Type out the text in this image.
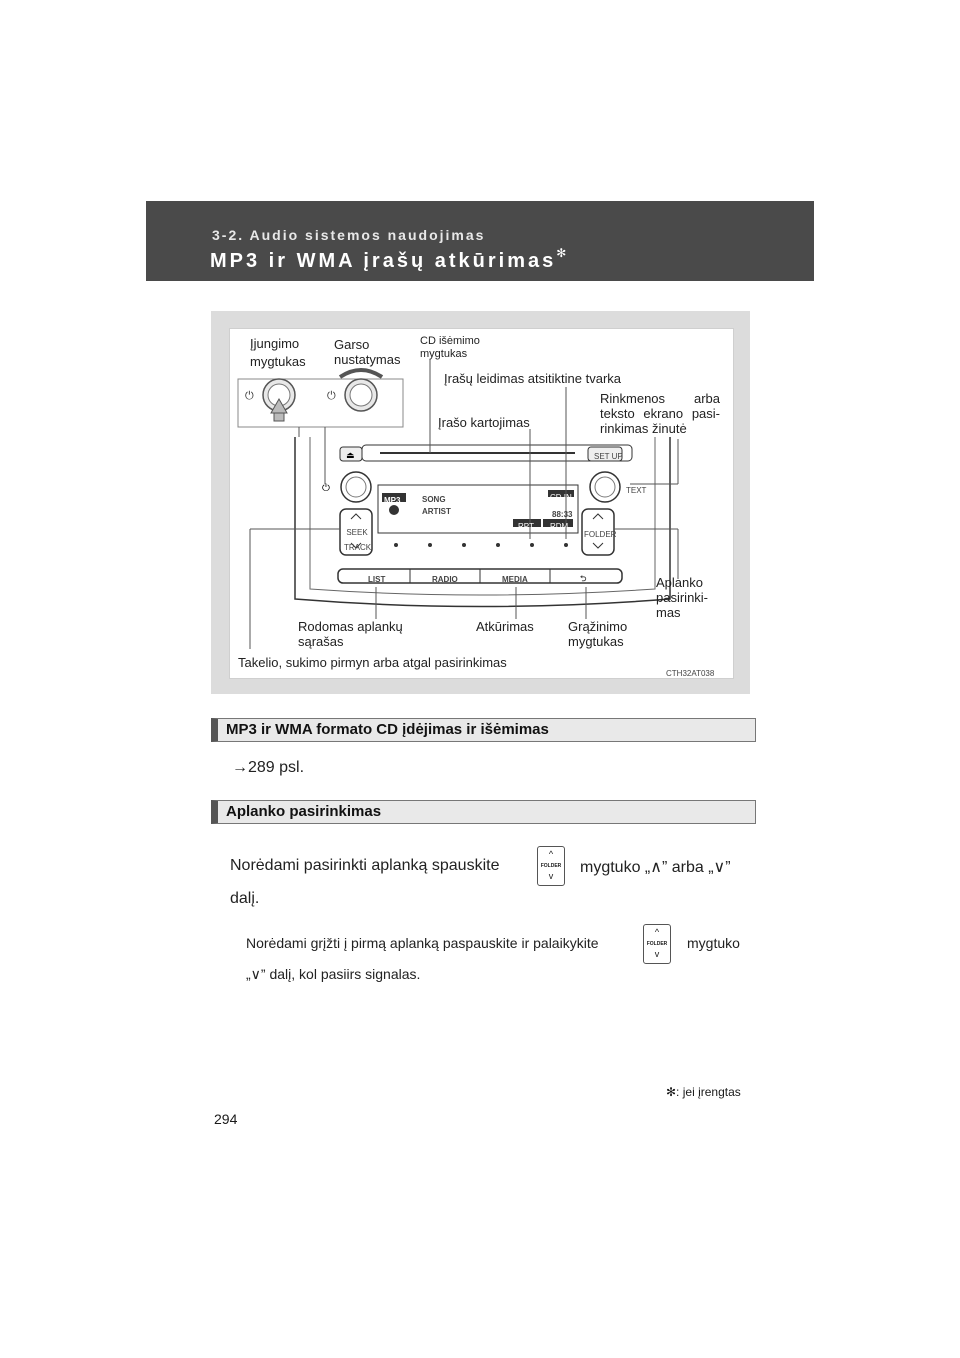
3-2. Audio sistemos naudojimas
MP3 ir WMA įrašų atkūrimas✻
⏻	⏻
⏏
⏻
SET UP
TEXT
SEEK TRACK
FOLDER
CD IN
MP3	SONG
ARTIST	88:33
RPT RDM
LIST	RADIO	MEDIA	⮌
Įjungimo mygtukas
Garso nustatymas
CD išėmimo mygtukas
Įrašų leidimas atsitiktine tvarka
Rinkmenos arba teksto ekrano pasi-rinkimas žinutė
Įrašo kartojimas
Aplanko pasirinki-mas
Rodomas aplankų sąrašas
Atkūrimas	Grąžinimo mygtukas
Takelio, sukimo pirmyn arba atgal pasirinkimas
CTH32AT038
MP3 ir WMA formato CD įdėjimas ir išėmimas
→289 psl.
Aplanko pasirinkimas
Norėdami pasirinkti aplanką spauskite
^
FOLDER
v	mygtuko „∧” arba „∨”
dalį.
Norėdami grįžti į pirmą aplanką paspauskite ir palaikykite
^
FOLDER
v
mygtuko
„∨” dalį, kol pasiirs signalas.
✻: jei įrengtas
294
